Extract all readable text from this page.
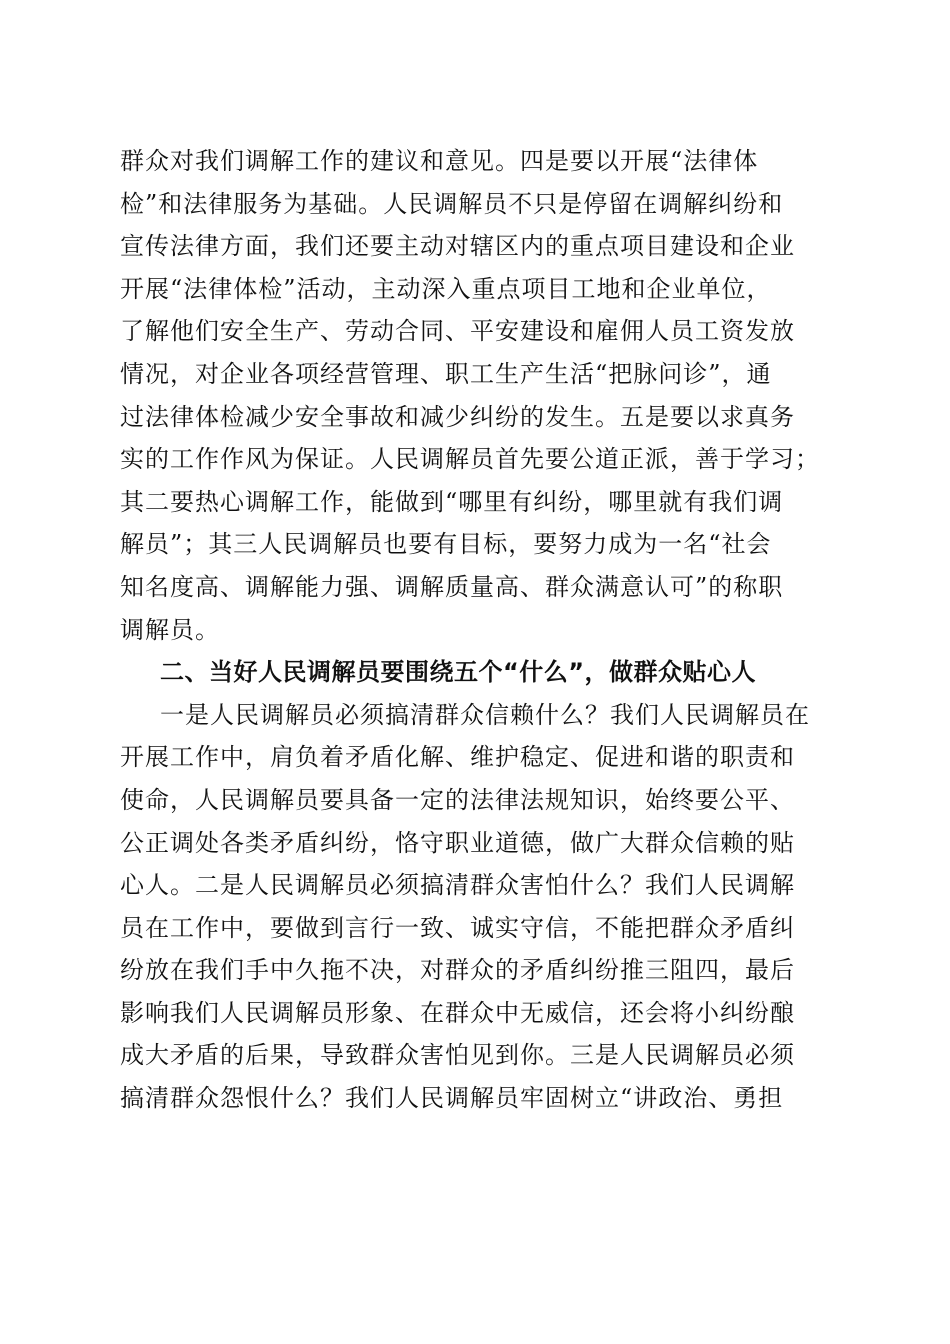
群众对我们调解工作的建议和意见。四是要以开展“法律体
检”和法律服务为基础。人民调解员不只是停留在调解纠纷和
宣传法律方面，我们还要主动对辖区内的重点项目建设和企业
开展“法律体检”活动，主动深入重点项目工地和企业单位，
了解他们安全生产、劳动合同、平安建设和雇佣人员工资发放
情况，对企业各项经营管理、职工生产生活“把脉问诊”，通
过法律体检减少安全事故和减少纠纷的发生。五是要以求真务
实的工作作风为保证。人民调解员首先要公道正派，善于学习；
其二要热心调解工作，能做到“哪里有纠纷，哪里就有我们调
解员”；其三人民调解员也要有目标，要努力成为一名“社会
知名度高、调解能力强、调解质量高、群众满意认可”的称职
调解员。
二、当好人民调解员要围绕五个“什么”，做群众贴心人
一是人民调解员必须搞清群众信赖什么？我们人民调解员在
开展工作中，肩负着矛盾化解、维护稳定、促进和谐的职责和
使命，人民调解员要具备一定的法律法规知识，始终要公平、
公正调处各类矛盾纠纷，恪守职业道德，做广大群众信赖的贴
心人。二是人民调解员必须搞清群众害怕什么？我们人民调解
员在工作中，要做到言行一致、诚实守信，不能把群众矛盾纠
纷放在我们手中久拖不决，对群众的矛盾纠纷推三阻四，最后
影响我们人民调解员形象、在群众中无威信，还会将小纠纷酿
成大矛盾的后果，导致群众害怕见到你。三是人民调解员必须
搞清群众怨恨什么？我们人民调解员牢固树立“讲政治、勇担
